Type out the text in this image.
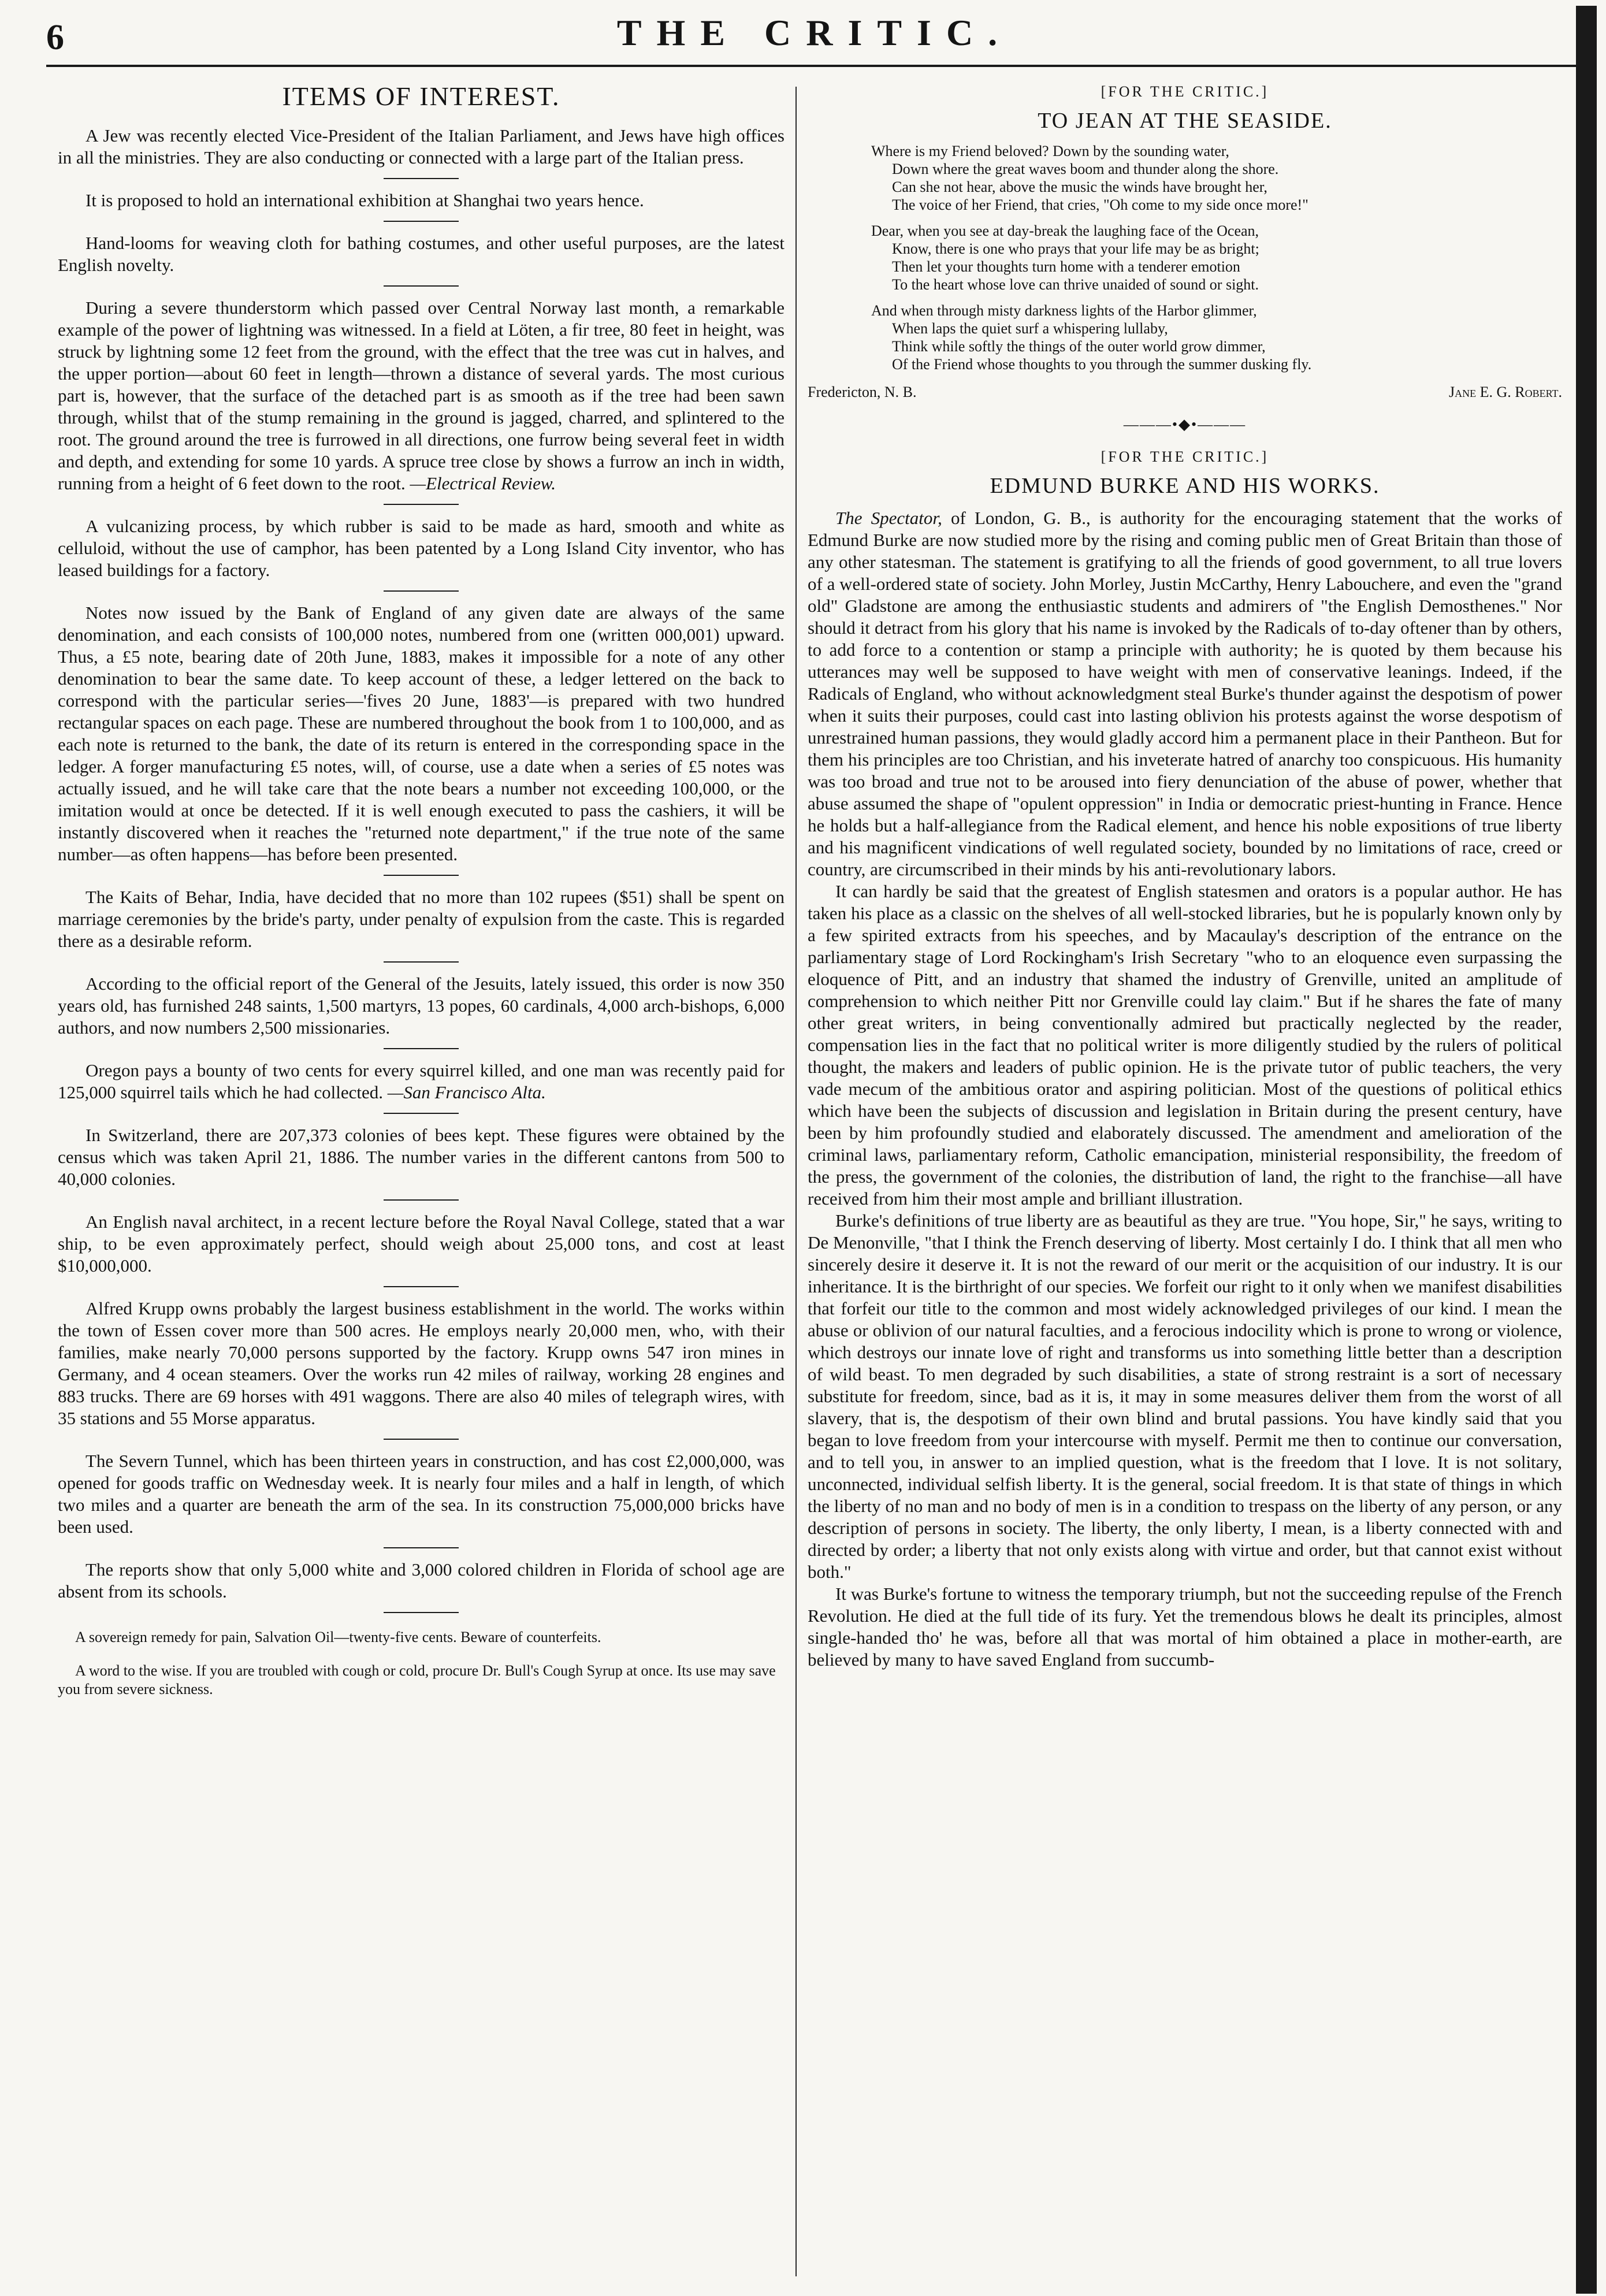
6	THE CRITIC.
ITEMS OF INTEREST.

A Jew was recently elected Vice-President of the Italian Parliament, and Jews have high offices in all the ministries. They are also conducting or connected with a large part of the Italian press.

It is proposed to hold an international exhibition at Shanghai two years hence.

Hand-looms for weaving cloth for bathing costumes, and other useful purposes, are the latest English novelty.

During a severe thunderstorm which passed over Central Norway last month, a remarkable example of the power of lightning was witnessed. In a field at Löten, a fir tree, 80 feet in height, was struck by lightning some 12 feet from the ground, with the effect that the tree was cut in halves, and the upper portion—about 60 feet in length—thrown a distance of several yards. The most curious part is, however, that the surface of the detached part is as smooth as if the tree had been sawn through, whilst that of the stump remaining in the ground is jagged, charred, and splintered to the root. The ground around the tree is furrowed in all directions, one furrow being several feet in width and depth, and extending for some 10 yards. A spruce tree close by shows a furrow an inch in width, running from a height of 6 feet down to the root. —Electrical Review.

A vulcanizing process, by which rubber is said to be made as hard, smooth and white as celluloid, without the use of camphor, has been patented by a Long Island City inventor, who has leased buildings for a factory.

Notes now issued by the Bank of England of any given date are always of the same denomination, and each consists of 100,000 notes, numbered from one (written 000,001) upward. Thus, a £5 note, bearing date of 20th June, 1883, makes it impossible for a note of any other denomination to bear the same date. To keep account of these, a ledger lettered on the back to correspond with the particular series—'fives 20 June, 1883'—is prepared with two hundred rectangular spaces on each page. These are numbered throughout the book from 1 to 100,000, and as each note is returned to the bank, the date of its return is entered in the corresponding space in the ledger. A forger manufacturing £5 notes, will, of course, use a date when a series of £5 notes was actually issued, and he will take care that the note bears a number not exceeding 100,000, or the imitation would at once be detected. If it is well enough executed to pass the cashiers, it will be instantly discovered when it reaches the "returned note department," if the true note of the same number—as often happens—has before been presented.

The Kaits of Behar, India, have decided that no more than 102 rupees ($51) shall be spent on marriage ceremonies by the bride's party, under penalty of expulsion from the caste. This is regarded there as a desirable reform.

According to the official report of the General of the Jesuits, lately issued, this order is now 350 years old, has furnished 248 saints, 1,500 martyrs, 13 popes, 60 cardinals, 4,000 arch-bishops, 6,000 authors, and now numbers 2,500 missionaries.

Oregon pays a bounty of two cents for every squirrel killed, and one man was recently paid for 125,000 squirrel tails which he had collected. —San Francisco Alta.

In Switzerland, there are 207,373 colonies of bees kept. These figures were obtained by the census which was taken April 21, 1886. The number varies in the different cantons from 500 to 40,000 colonies.

An English naval architect, in a recent lecture before the Royal Naval College, stated that a war ship, to be even approximately perfect, should weigh about 25,000 tons, and cost at least $10,000,000.

Alfred Krupp owns probably the largest business establishment in the world. The works within the town of Essen cover more than 500 acres. He employs nearly 20,000 men, who, with their families, make nearly 70,000 persons supported by the factory. Krupp owns 547 iron mines in Germany, and 4 ocean steamers. Over the works run 42 miles of railway, working 28 engines and 883 trucks. There are 69 horses with 491 waggons. There are also 40 miles of telegraph wires, with 35 stations and 55 Morse apparatus.

The Severn Tunnel, which has been thirteen years in construction, and has cost £2,000,000, was opened for goods traffic on Wednesday week. It is nearly four miles and a half in length, of which two miles and a quarter are beneath the arm of the sea. In its construction 75,000,000 bricks have been used.

The reports show that only 5,000 white and 3,000 colored children in Florida of school age are absent from its schools.

A sovereign remedy for pain, Salvation Oil—twenty-five cents. Beware of counterfeits.

A word to the wise. If you are troubled with cough or cold, procure Dr. Bull's Cough Syrup at once. Its use may save you from severe sickness.

[FOR THE CRITIC.]
TO JEAN AT THE SEASIDE.
Where is my Friend beloved? Down by the sounding water,
Down where the great waves boom and thunder along the shore.
Can she not hear, above the music the winds have brought her,
The voice of her Friend, that cries, "Oh come to my side once more!"
Dear, when you see at day-break the laughing face of the Ocean,
Know, there is one who prays that your life may be as bright;
Then let your thoughts turn home with a tenderer emotion
To the heart whose love can thrive unaided of sound or sight.
And when through misty darkness lights of the Harbor glimmer,
When laps the quiet surf a whispering lullaby,
Think while softly the things of the outer world grow dimmer,
Of the Friend whose thoughts to you through the summer dusking fly.
Fredericton, N. B.	Jane E. G. Robert.
———•◆•———
[FOR THE CRITIC.]
EDMUND BURKE AND HIS WORKS.

The Spectator, of London, G. B., is authority for the encouraging statement that the works of Edmund Burke are now studied more by the rising and coming public men of Great Britain than those of any other statesman. The statement is gratifying to all the friends of good government, to all true lovers of a well-ordered state of society. John Morley, Justin McCarthy, Henry Labouchere, and even the "grand old" Gladstone are among the enthusiastic students and admirers of "the English Demosthenes." Nor should it detract from his glory that his name is invoked by the Radicals of to-day oftener than by others, to add force to a contention or stamp a principle with authority; he is quoted by them because his utterances may well be supposed to have weight with men of conservative leanings. Indeed, if the Radicals of England, who without acknowledgment steal Burke's thunder against the despotism of power when it suits their purposes, could cast into lasting oblivion his protests against the worse despotism of unrestrained human passions, they would gladly accord him a permanent place in their Pantheon. But for them his principles are too Christian, and his inveterate hatred of anarchy too conspicuous. His humanity was too broad and true not to be aroused into fiery denunciation of the abuse of power, whether that abuse assumed the shape of "opulent oppression" in India or democratic priest-hunting in France. Hence he holds but a half-allegiance from the Radical element, and hence his noble expositions of true liberty and his magnificent vindications of well regulated society, bounded by no limitations of race, creed or country, are circumscribed in their minds by his anti-revolutionary labors.

It can hardly be said that the greatest of English statesmen and orators is a popular author. He has taken his place as a classic on the shelves of all well-stocked libraries, but he is popularly known only by a few spirited extracts from his speeches, and by Macaulay's description of the entrance on the parliamentary stage of Lord Rockingham's Irish Secretary "who to an eloquence even surpassing the eloquence of Pitt, and an industry that shamed the industry of Grenville, united an amplitude of comprehension to which neither Pitt nor Grenville could lay claim." But if he shares the fate of many other great writers, in being conventionally admired but practically neglected by the reader, compensation lies in the fact that no political writer is more diligently studied by the rulers of political thought, the makers and leaders of public opinion. He is the private tutor of public teachers, the very vade mecum of the ambitious orator and aspiring politician. Most of the questions of political ethics which have been the subjects of discussion and legislation in Britain during the present century, have been by him profoundly studied and elaborately discussed. The amendment and amelioration of the criminal laws, parliamentary reform, Catholic emancipation, ministerial responsibility, the freedom of the press, the government of the colonies, the distribution of land, the right to the franchise—all have received from him their most ample and brilliant illustration.

Burke's definitions of true liberty are as beautiful as they are true. "You hope, Sir," he says, writing to De Menonville, "that I think the French deserving of liberty. Most certainly I do. I think that all men who sincerely desire it deserve it. It is not the reward of our merit or the acquisition of our industry. It is our inheritance. It is the birthright of our species. We forfeit our right to it only when we manifest disabilities that forfeit our title to the common and most widely acknowledged privileges of our kind. I mean the abuse or oblivion of our natural faculties, and a ferocious indocility which is prone to wrong or violence, which destroys our innate love of right and transforms us into something little better than a description of wild beast. To men degraded by such disabilities, a state of strong restraint is a sort of necessary substitute for freedom, since, bad as it is, it may in some measures deliver them from the worst of all slavery, that is, the despotism of their own blind and brutal passions. You have kindly said that you began to love freedom from your intercourse with myself. Permit me then to continue our conversation, and to tell you, in answer to an implied question, what is the freedom that I love. It is not solitary, unconnected, individual selfish liberty. It is the general, social freedom. It is that state of things in which the liberty of no man and no body of men is in a condition to trespass on the liberty of any person, or any description of persons in society. The liberty, the only liberty, I mean, is a liberty connected with and directed by order; a liberty that not only exists along with virtue and order, but that cannot exist without both."

It was Burke's fortune to witness the temporary triumph, but not the succeeding repulse of the French Revolution. He died at the full tide of its fury. Yet the tremendous blows he dealt its principles, almost single-handed tho' he was, before all that was mortal of him obtained a place in mother-earth, are believed by many to have saved England from succumb-
